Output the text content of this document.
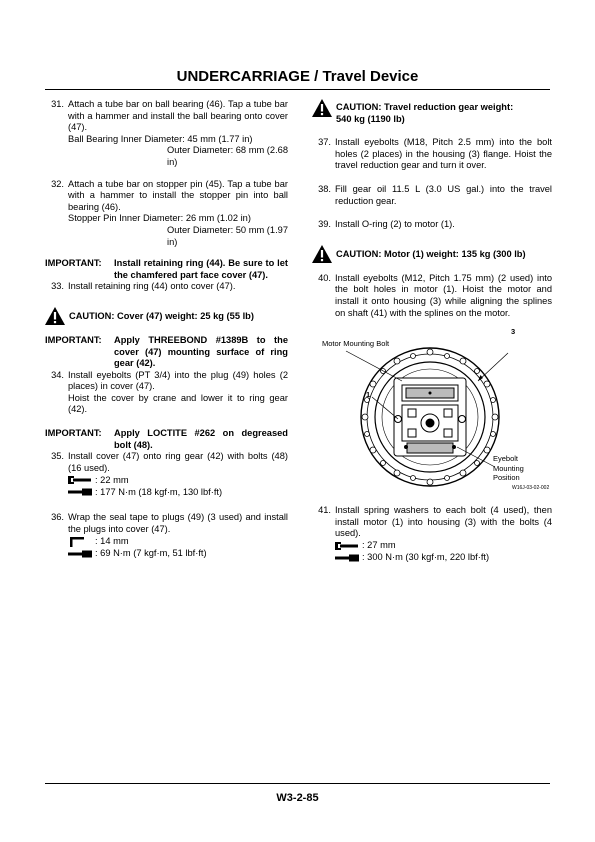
UNDERCARRIAGE / Travel Device
31. Attach a tube bar on ball bearing (46). Tap a tube bar with a hammer and install the ball bearing onto cover (47).
Ball Bearing Inner Diameter: 45 mm (1.77 in)
Outer Diameter: 68 mm (2.68 in)
32. Attach a tube bar on stopper pin (45). Tap a tube bar with a hammer to install the stopper pin into ball bearing (46).
Stopper Pin Inner Diameter: 26 mm (1.02 in)
Outer Diameter: 50 mm (1.97 in)
IMPORTANT:	Install retaining ring (44). Be sure to let the chamfered part face cover (47).
33. Install retaining ring (44) onto cover (47).
CAUTION: Cover (47) weight: 25 kg (55 lb)
IMPORTANT:	Apply THREEBOND #1389B to the cover (47) mounting surface of ring gear (42).
34. Install eyebolts (PT 3/4) into the plug (49) holes (2 places) in cover (47).
Hoist the cover by crane and lower it to ring gear (42).
IMPORTANT:	Apply LOCTITE #262 on degreased bolt (48).
35. Install cover (47) onto ring gear (42) with bolts (48) (16 used).
: 22 mm
: 177 N·m (18 kgf·m, 130 lbf·ft)
36. Wrap the seal tape to plugs (49) (3 used) and install the plugs into cover (47).
: 14 mm
: 69 N·m (7 kgf·m, 51 lbf·ft)
CAUTION: Travel reduction gear weight:
540 kg (1190 lb)
37. Install eyebolts (M18, Pitch 2.5 mm) into the bolt holes (2 places) in the housing (3) flange. Hoist the travel reduction gear and turn it over.
38. Fill gear oil 11.5 L (3.0 US gal.) into the travel reduction gear.
39. Install O-ring (2) to motor (1).
CAUTION: Motor (1) weight: 135 kg (300 lb)
40. Install eyebolts (M12, Pitch 1.75 mm) (2 used) into the bolt holes in motor (1). Hoist the motor and install it onto housing (3) while aligning the splines on shaft (41) with the splines on the motor.
Motor Mounting Bolt
3
1
Eyebolt
Mounting Position
W16J-03-02-002
41. Install spring washers to each bolt (4 used), then install motor (1) into housing (3) with the bolts (4 used).
: 27 mm
: 300 N·m (30 kgf·m, 220 lbf·ft)
W3-2-85
